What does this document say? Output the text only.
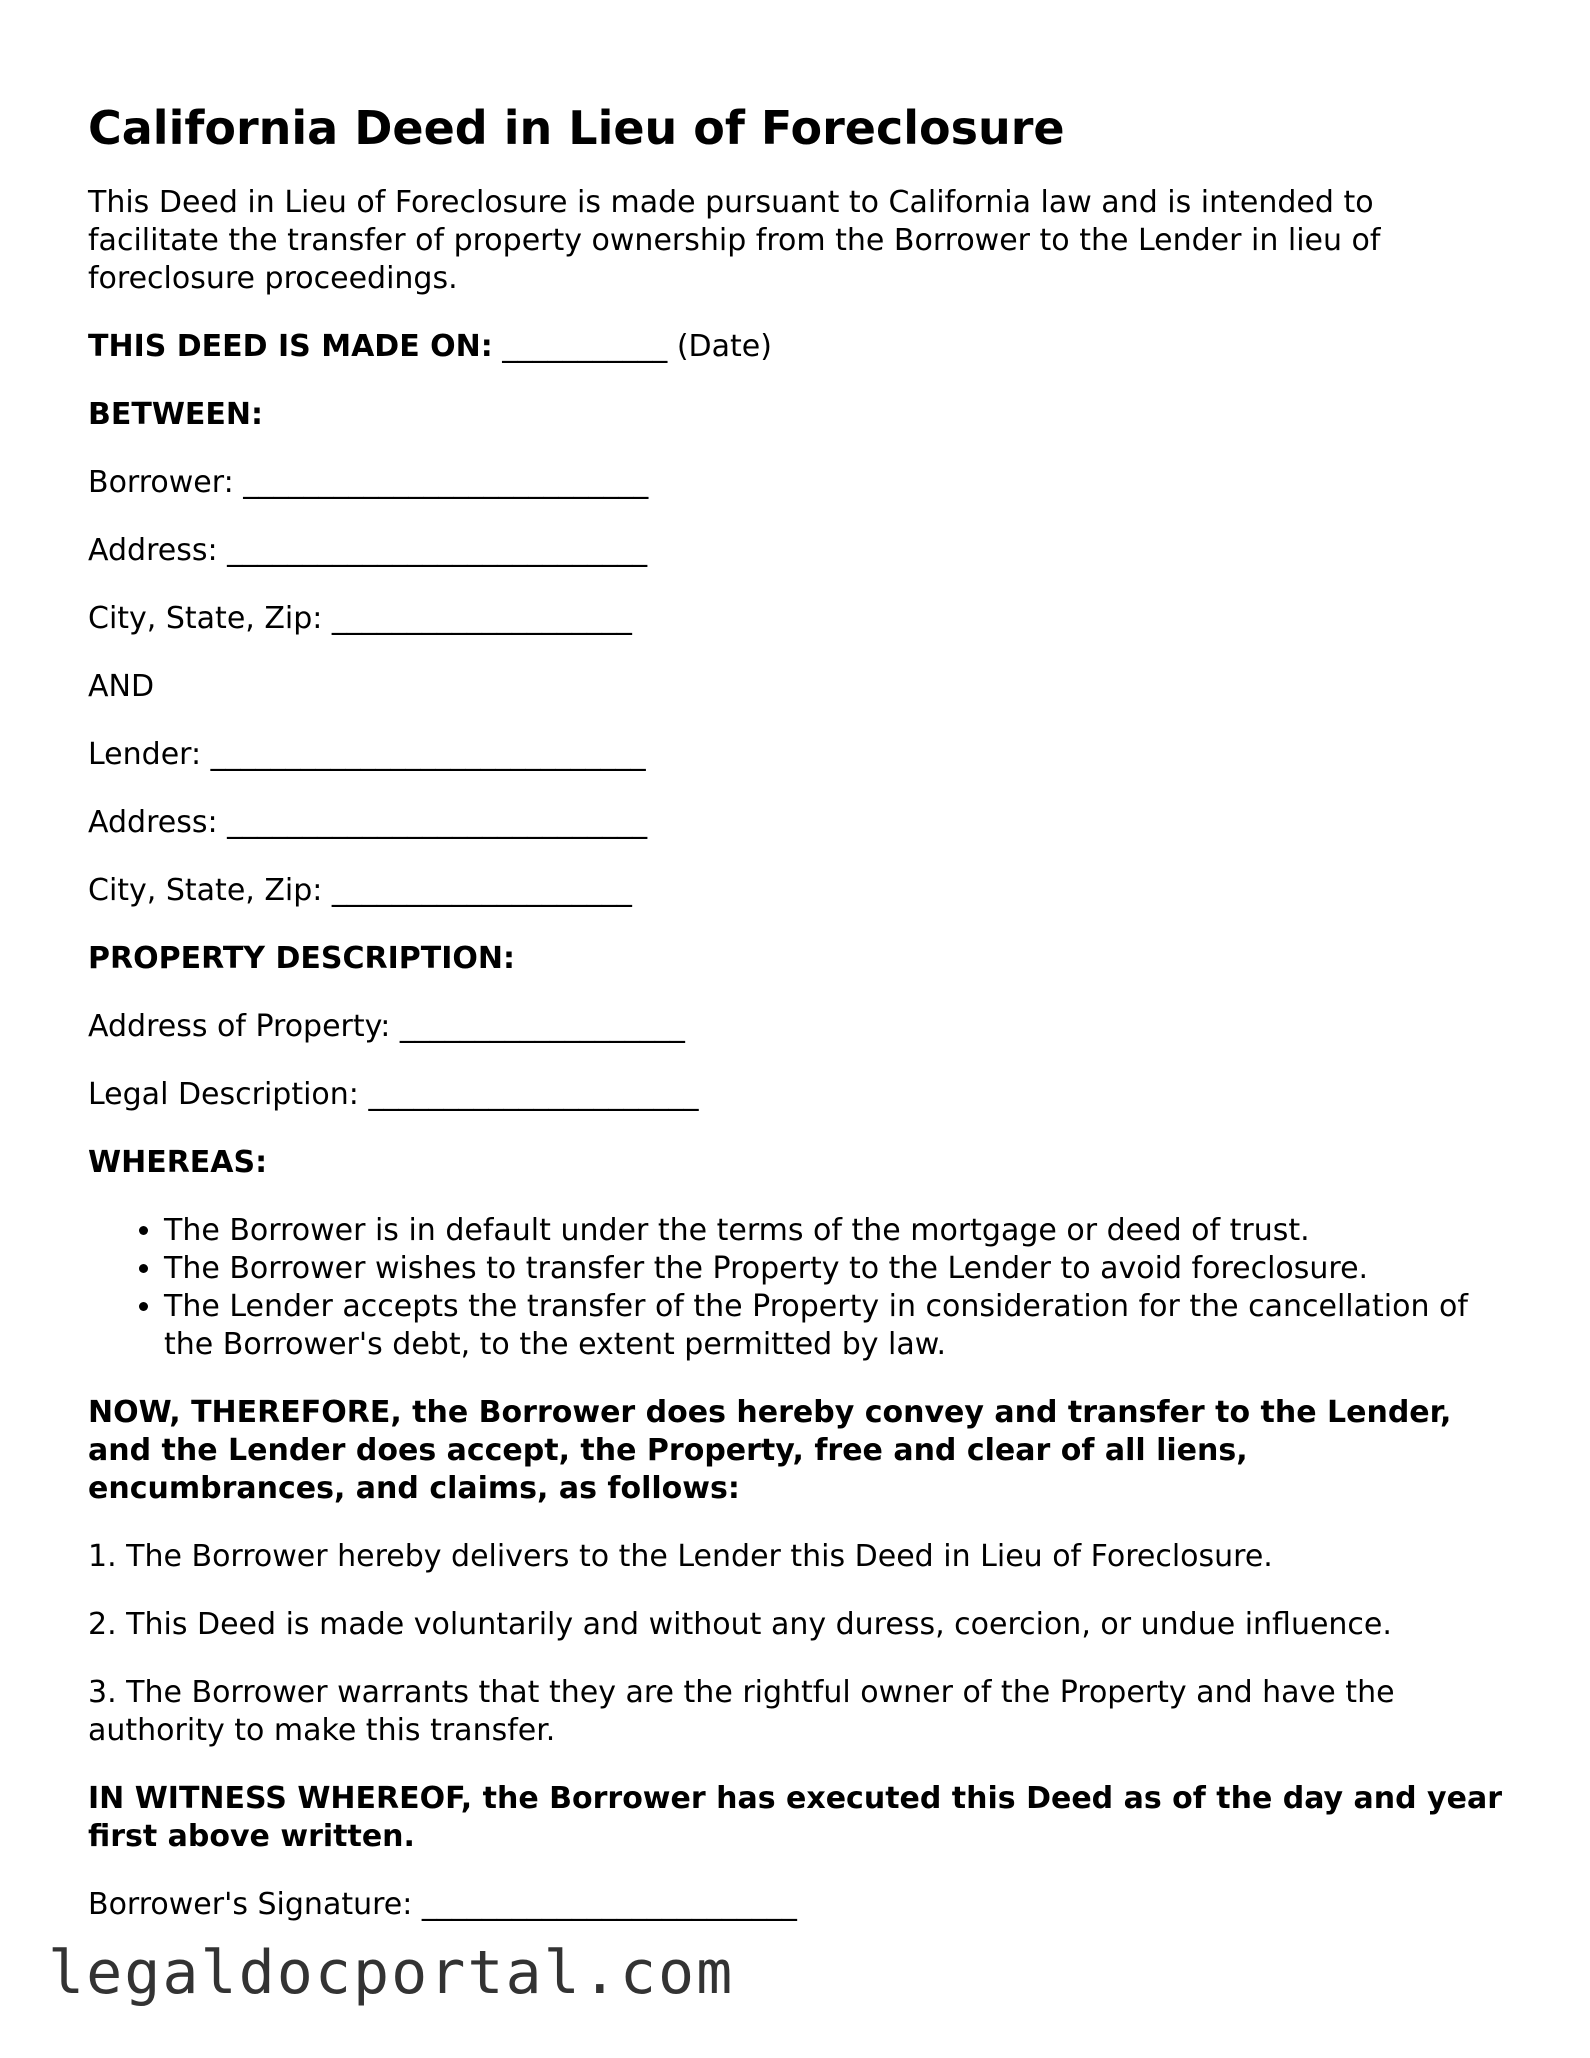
California Deed in Lieu of Foreclosure

This Deed in Lieu of Foreclosure is made pursuant to California law and is intended to facilitate the transfer of property ownership from the Borrower to the Lender in lieu of foreclosure proceedings.

THIS DEED IS MADE ON: ___________ (Date)

BETWEEN:

Borrower: ___________________________

Address: ____________________________

City, State, Zip: ____________________

AND

Lender: _____________________________

Address: ____________________________

City, State, Zip: ____________________

PROPERTY DESCRIPTION:

Address of Property: ___________________

Legal Description: ______________________

WHEREAS:

• The Borrower is in default under the terms of the mortgage or deed of trust.
• The Borrower wishes to transfer the Property to the Lender to avoid foreclosure.
• The Lender accepts the transfer of the Property in consideration for the cancellation of the Borrower's debt, to the extent permitted by law.

NOW, THEREFORE, the Borrower does hereby convey and transfer to the Lender, and the Lender does accept, the Property, free and clear of all liens, encumbrances, and claims, as follows:

1. The Borrower hereby delivers to the Lender this Deed in Lieu of Foreclosure.

2. This Deed is made voluntarily and without any duress, coercion, or undue influence.

3. The Borrower warrants that they are the rightful owner of the Property and have the authority to make this transfer.

IN WITNESS WHEREOF, the Borrower has executed this Deed as of the day and year first above written.

Borrower's Signature: _________________________

legaldocportal.com
